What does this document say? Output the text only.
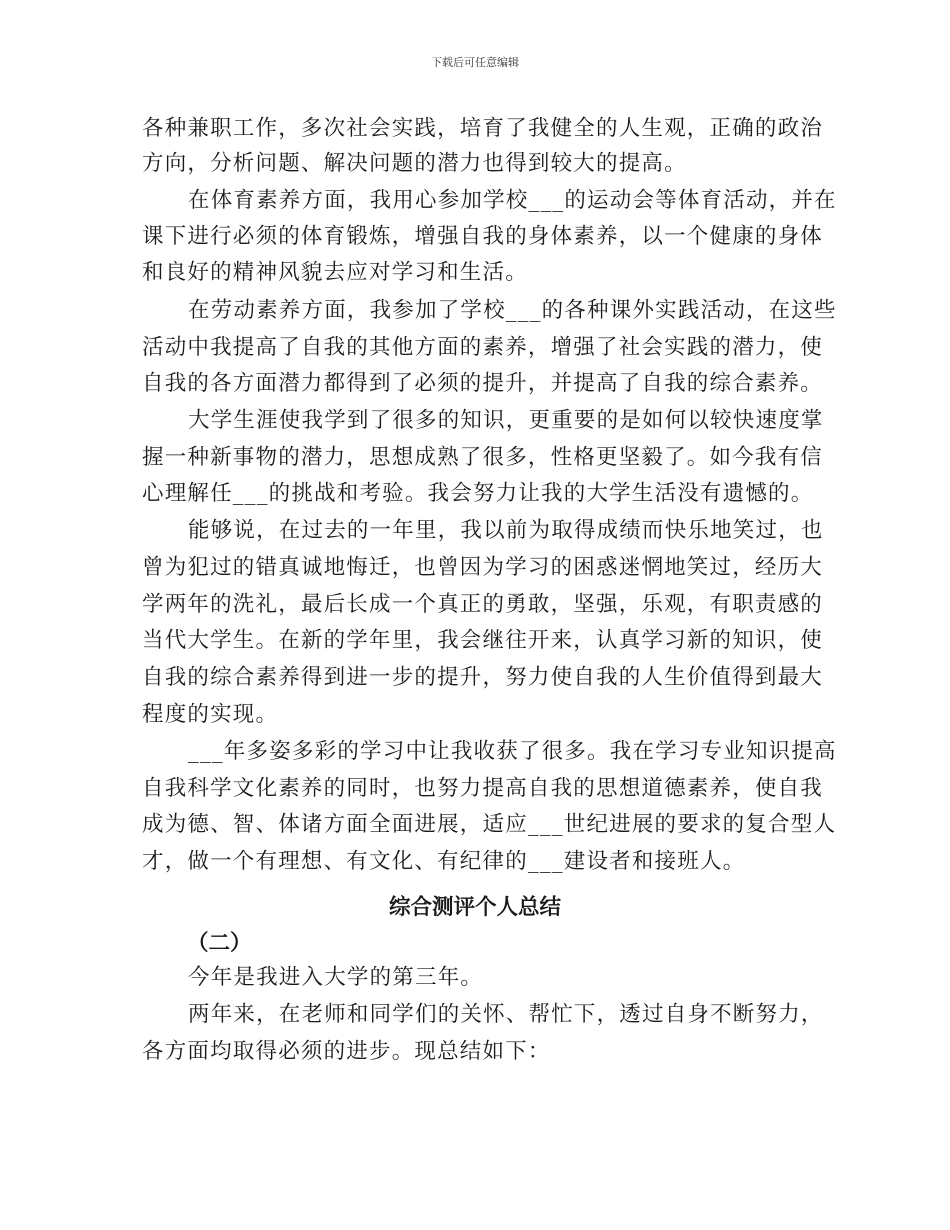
下载后可任意编辑
各种兼职工作，多次社会实践，培育了我健全的人生观，正确的政治
方向，分析问题、解决问题的潜力也得到较大的提高。
在体育素养方面，我用心参加学校___的运动会等体育活动，并在
课下进行必须的体育锻炼，增强自我的身体素养，以一个健康的身体
和良好的精神风貌去应对学习和生活。
在劳动素养方面，我参加了学校___的各种课外实践活动，在这些
活动中我提高了自我的其他方面的素养，增强了社会实践的潜力，使
自我的各方面潜力都得到了必须的提升，并提高了自我的综合素养。
大学生涯使我学到了很多的知识，更重要的是如何以较快速度掌
握一种新事物的潜力，思想成熟了很多，性格更坚毅了。如今我有信
心理解任___的挑战和考验。我会努力让我的大学生活没有遗憾的。
能够说，在过去的一年里，我以前为取得成绩而快乐地笑过，也
曾为犯过的错真诚地悔迁，也曾因为学习的困惑迷惘地笑过，经历大
学两年的洗礼，最后长成一个真正的勇敢，坚强，乐观，有职责感的
当代大学生。在新的学年里，我会继往开来，认真学习新的知识，使
自我的综合素养得到进一步的提升，努力使自我的人生价值得到最大
程度的实现。
___年多姿多彩的学习中让我收获了很多。我在学习专业知识提高
自我科学文化素养的同时，也努力提高自我的思想道德素养，使自我
成为德、智、体诸方面全面进展，适应___世纪进展的要求的复合型人
才，做一个有理想、有文化、有纪律的___建设者和接班人。
综合测评个人总结
（二）
今年是我进入大学的第三年。
两年来，在老师和同学们的关怀、帮忙下，透过自身不断努力，
各方面均取得必须的进步。现总结如下：
